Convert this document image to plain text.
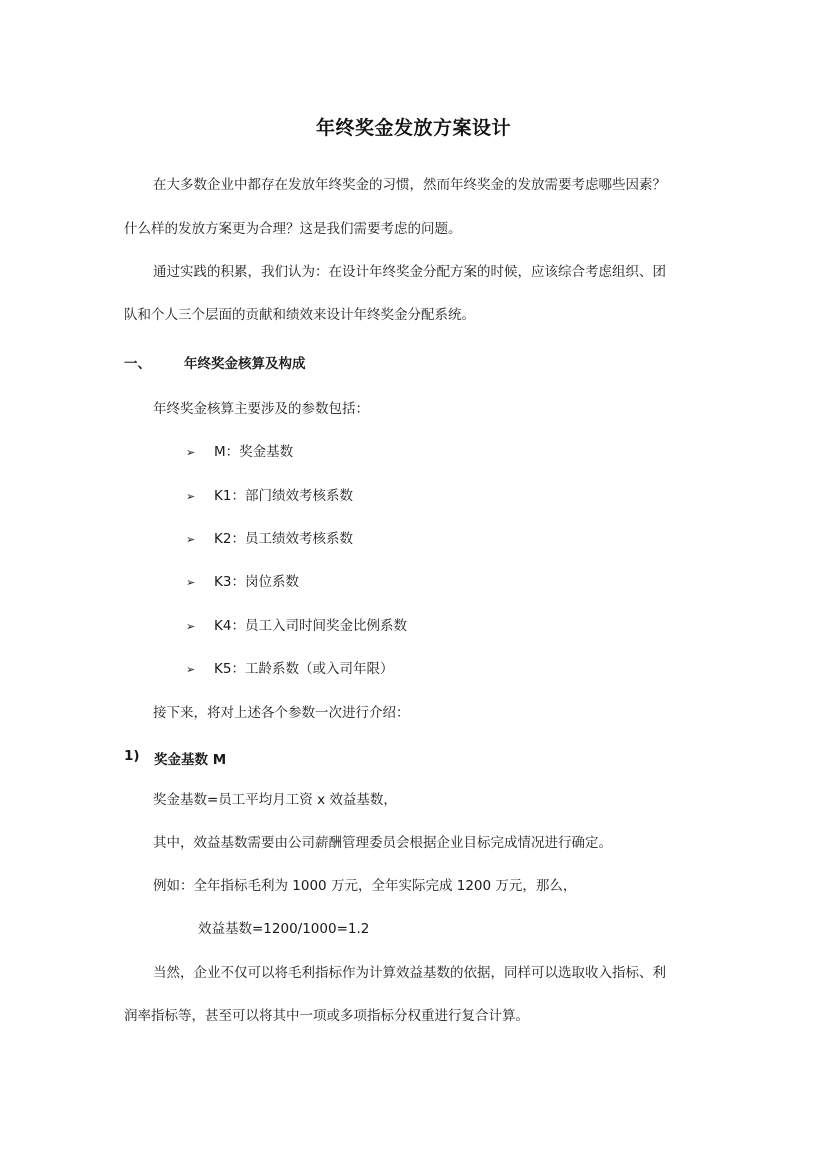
年终奖金发放方案设计
在大多数企业中都存在发放年终奖金的习惯，然而年终奖金的发放需要考虑哪些因素？
什么样的发放方案更为合理？这是我们需要考虑的问题。
通过实践的积累，我们认为：在设计年终奖金分配方案的时候，应该综合考虑组织、团
队和个人三个层面的贡献和绩效来设计年终奖金分配系统。
一、 年终奖金核算及构成
年终奖金核算主要涉及的参数包括：
➢ M：奖金基数
➢ K1：部门绩效考核系数
➢ K2：员工绩效考核系数
➢ K3：岗位系数
➢ K4：员工入司时间奖金比例系数
➢ K5：工龄系数（或入司年限）
接下来，将对上述各个参数一次进行介绍：
1) 奖金基数 M
奖金基数=员工平均月工资 x 效益基数，
其中，效益基数需要由公司薪酬管理委员会根据企业目标完成情况进行确定。
例如：全年指标毛利为 1000 万元，全年实际完成 1200 万元，那么，
效益基数=1200/1000=1.2
当然，企业不仅可以将毛利指标作为计算效益基数的依据，同样可以选取收入指标、利
润率指标等，甚至可以将其中一项或多项指标分权重进行复合计算。
